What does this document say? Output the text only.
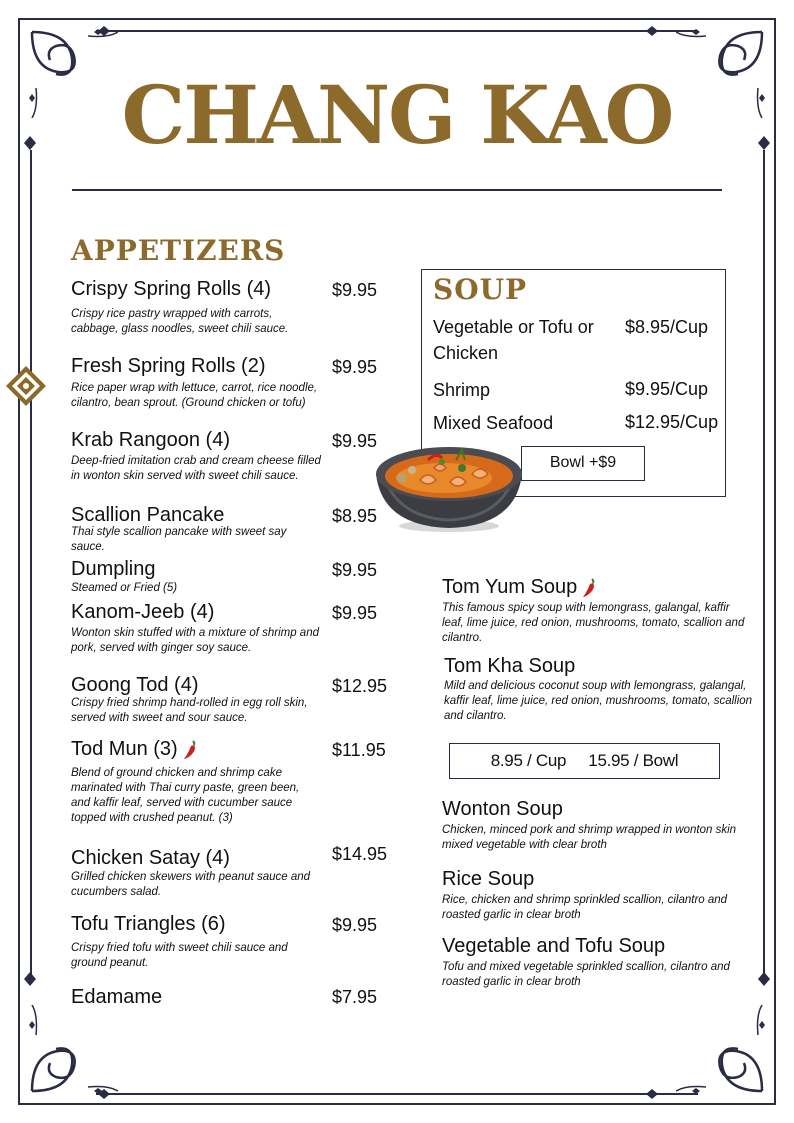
CHANG KAO
APPETIZERS
Crispy Spring Rolls (4)	$9.95
Crispy rice pastry wrapped with carrots, cabbage, glass noodles, sweet chili sauce.
Fresh Spring Rolls (2)	$9.95
Rice paper wrap with lettuce, carrot, rice noodle, cilantro, bean sprout. (Ground chicken or tofu)
Krab Rangoon (4)	$9.95
Deep-fried imitation crab and cream cheese filled in wonton skin served with sweet chili sauce.
Scallion Pancake	$8.95
Thai style scallion pancake with sweet say sauce.
Dumpling	$9.95
Steamed or Fried (5)
Kanom-Jeeb (4)	$9.95
Wonton skin stuffed with a mixture of shrimp and pork, served with ginger soy sauce.
Goong Tod (4)	$12.95
Crispy fried shrimp hand-rolled in egg roll skin, served with sweet and sour sauce.
Tod Mun (3)	$11.95
Blend of ground chicken and shrimp cake marinated with Thai curry paste, green been, and kaffir leaf, served with cucumber sauce topped with crushed peanut. (3)
Chicken Satay (4)	$14.95
Grilled chicken skewers with peanut sauce and cucumbers salad.
Tofu Triangles (6)	$9.95
Crispy fried tofu with sweet chili sauce and ground peanut.
Edamame	$7.95
SOUP
Vegetable or Tofu or Chicken
$8.95/Cup
Shrimp	$9.95/Cup
Mixed Seafood	$12.95/Cup
Bowl +$9
Tom Yum Soup
This famous spicy soup with lemongrass, galangal, kaffir leaf, lime juice, red onion, mushrooms, tomato, scallion and cilantro.
Tom Kha Soup
Mild and delicious coconut soup with lemongrass, galangal, kaffir leaf, lime juice, red onion, mushrooms, tomato, scallion and cilantro.
8.95 / Cup     15.95 / Bowl
Wonton Soup
Chicken, minced pork and shrimp wrapped in wonton skin mixed vegetable with clear broth
Rice Soup
Rice, chicken and shrimp sprinkled scallion, cilantro and roasted garlic in clear broth
Vegetable and Tofu Soup
Tofu and mixed vegetable sprinkled scallion, cilantro and roasted garlic in clear broth
